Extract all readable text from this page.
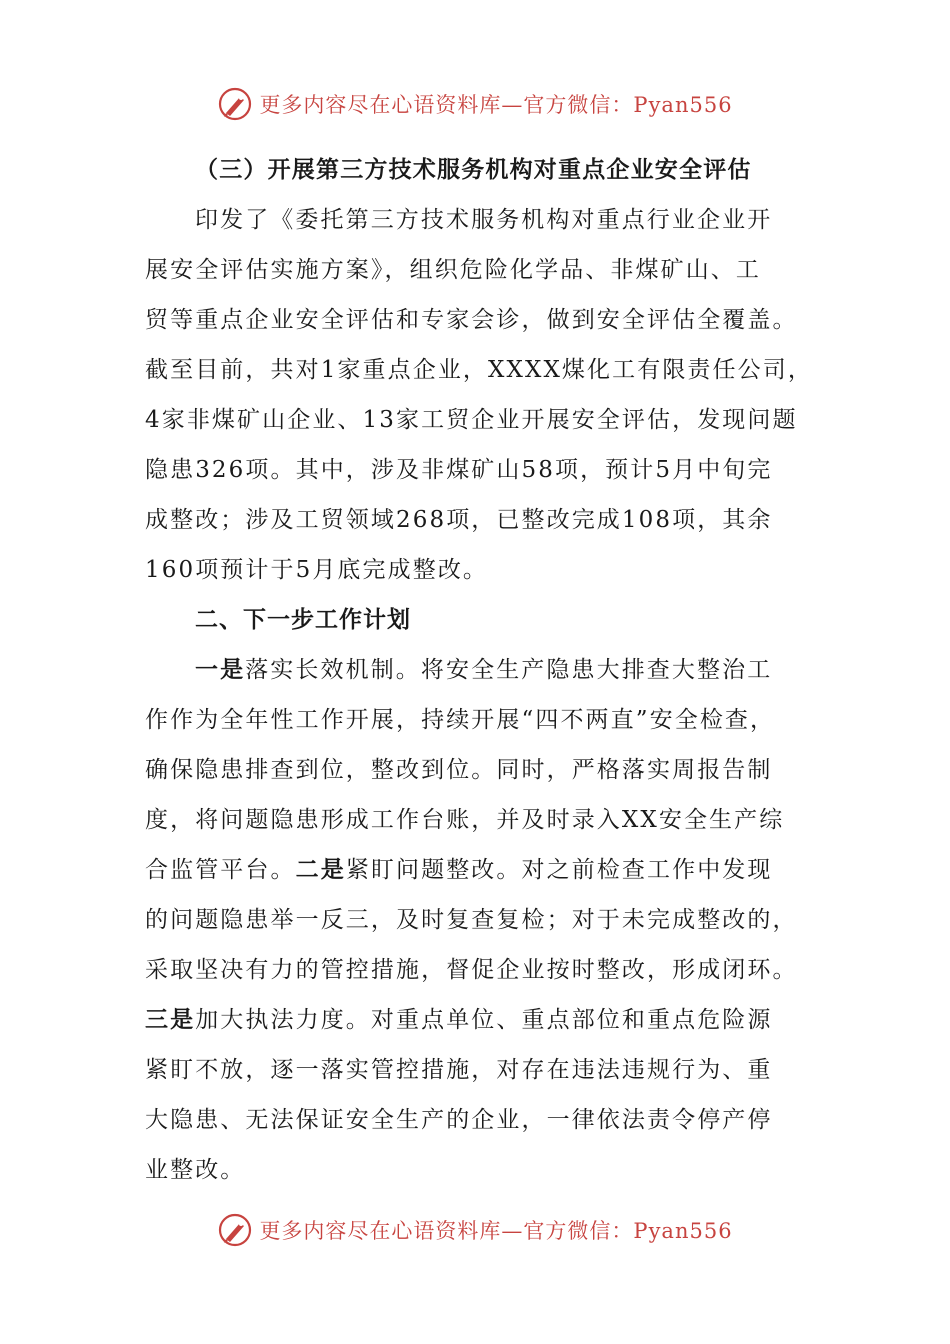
更多内容尽在心语资料库—官方微信：Pyan556
（三）开展第三方技术服务机构对重点企业安全评估
印发了《委托第三方技术服务机构对重点行业企业开
展安全评估实施方案》，组织危险化学品、非煤矿山、工
贸等重点企业安全评估和专家会诊，做到安全评估全覆盖。
截至目前，共对1家重点企业，XXXX煤化工有限责任公司，
4家非煤矿山企业、13家工贸企业开展安全评估，发现问题
隐患326项。其中，涉及非煤矿山58项，预计5月中旬完
成整改；涉及工贸领域268项，已整改完成108项，其余
160项预计于5月底完成整改。
二、下一步工作计划
一是落实长效机制。将安全生产隐患大排查大整治工
作作为全年性工作开展，持续开展“四不两直”安全检查，
确保隐患排查到位，整改到位。同时，严格落实周报告制
度，将问题隐患形成工作台账，并及时录入XX安全生产综
合监管平台。二是紧盯问题整改。对之前检查工作中发现
的问题隐患举一反三，及时复查复检；对于未完成整改的，
采取坚决有力的管控措施，督促企业按时整改，形成闭环。
三是加大执法力度。对重点单位、重点部位和重点危险源
紧盯不放，逐一落实管控措施，对存在违法违规行为、重
大隐患、无法保证安全生产的企业，一律依法责令停产停
业整改。
更多内容尽在心语资料库—官方微信：Pyan556
